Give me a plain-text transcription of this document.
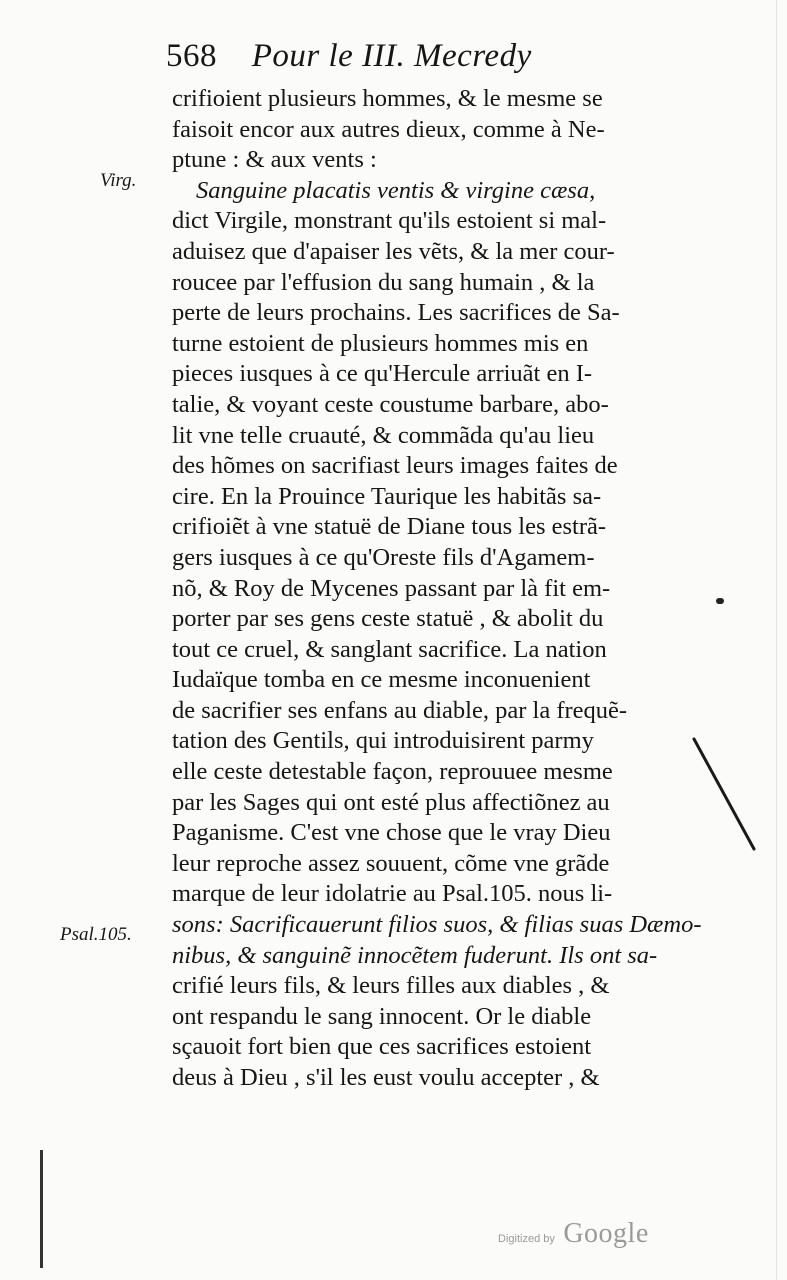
568 Pour le III. Mecredy
Virg.
Psal.105.
crifioient plusieurs hommes, & le mesme se
faisoit encor aux autres dieux, comme à Ne-
ptune : & aux vents :
Sanguine placatis ventis & virgine cæsa,
dict Virgile, monstrant qu'ils estoient si mal-
aduisez que d'apaiser les vẽts, & la mer cour-
roucee par l'effusion du sang humain , & la
perte de leurs prochains. Les sacrifices de Sa-
turne estoient de plusieurs hommes mis en
pieces iusques à ce qu'Hercule arriuãt en I-
talie, & voyant ceste coustume barbare, abo-
lit vne telle cruauté, & commãda qu'au lieu
des hõmes on sacrifiast leurs images faites de
cire. En la Prouince Taurique les habitãs sa-
crifioiẽt à vne statuë de Diane tous les estrã-
gers iusques à ce qu'Oreste fils d'Agamem-
nõ, & Roy de Mycenes passant par là fit em-
porter par ses gens ceste statuë , & abolit du
tout ce cruel, & sanglant sacrifice. La nation
Iudaïque tomba en ce mesme inconuenient
de sacrifier ses enfans au diable, par la frequẽ-
tation des Gentils, qui introduisirent parmy
elle ceste detestable façon, reprouuee mesme
par les Sages qui ont esté plus affectiõnez au
Paganisme. C'est vne chose que le vray Dieu
leur reproche assez souuent, cõme vne grãde
marque de leur idolatrie au Psal.105. nous li-
sons: Sacrificauerunt filios suos, & filias suas Dæmo-
nibus, & sanguinẽ innocẽtem fuderunt. Ils ont sa-
crifié leurs fils, & leurs filles aux diables , &
ont respandu le sang innocent. Or le diable
sçauoit fort bien que ces sacrifices estoient
deus à Dieu , s'il les eust voulu accepter , &
Digitized by Google
